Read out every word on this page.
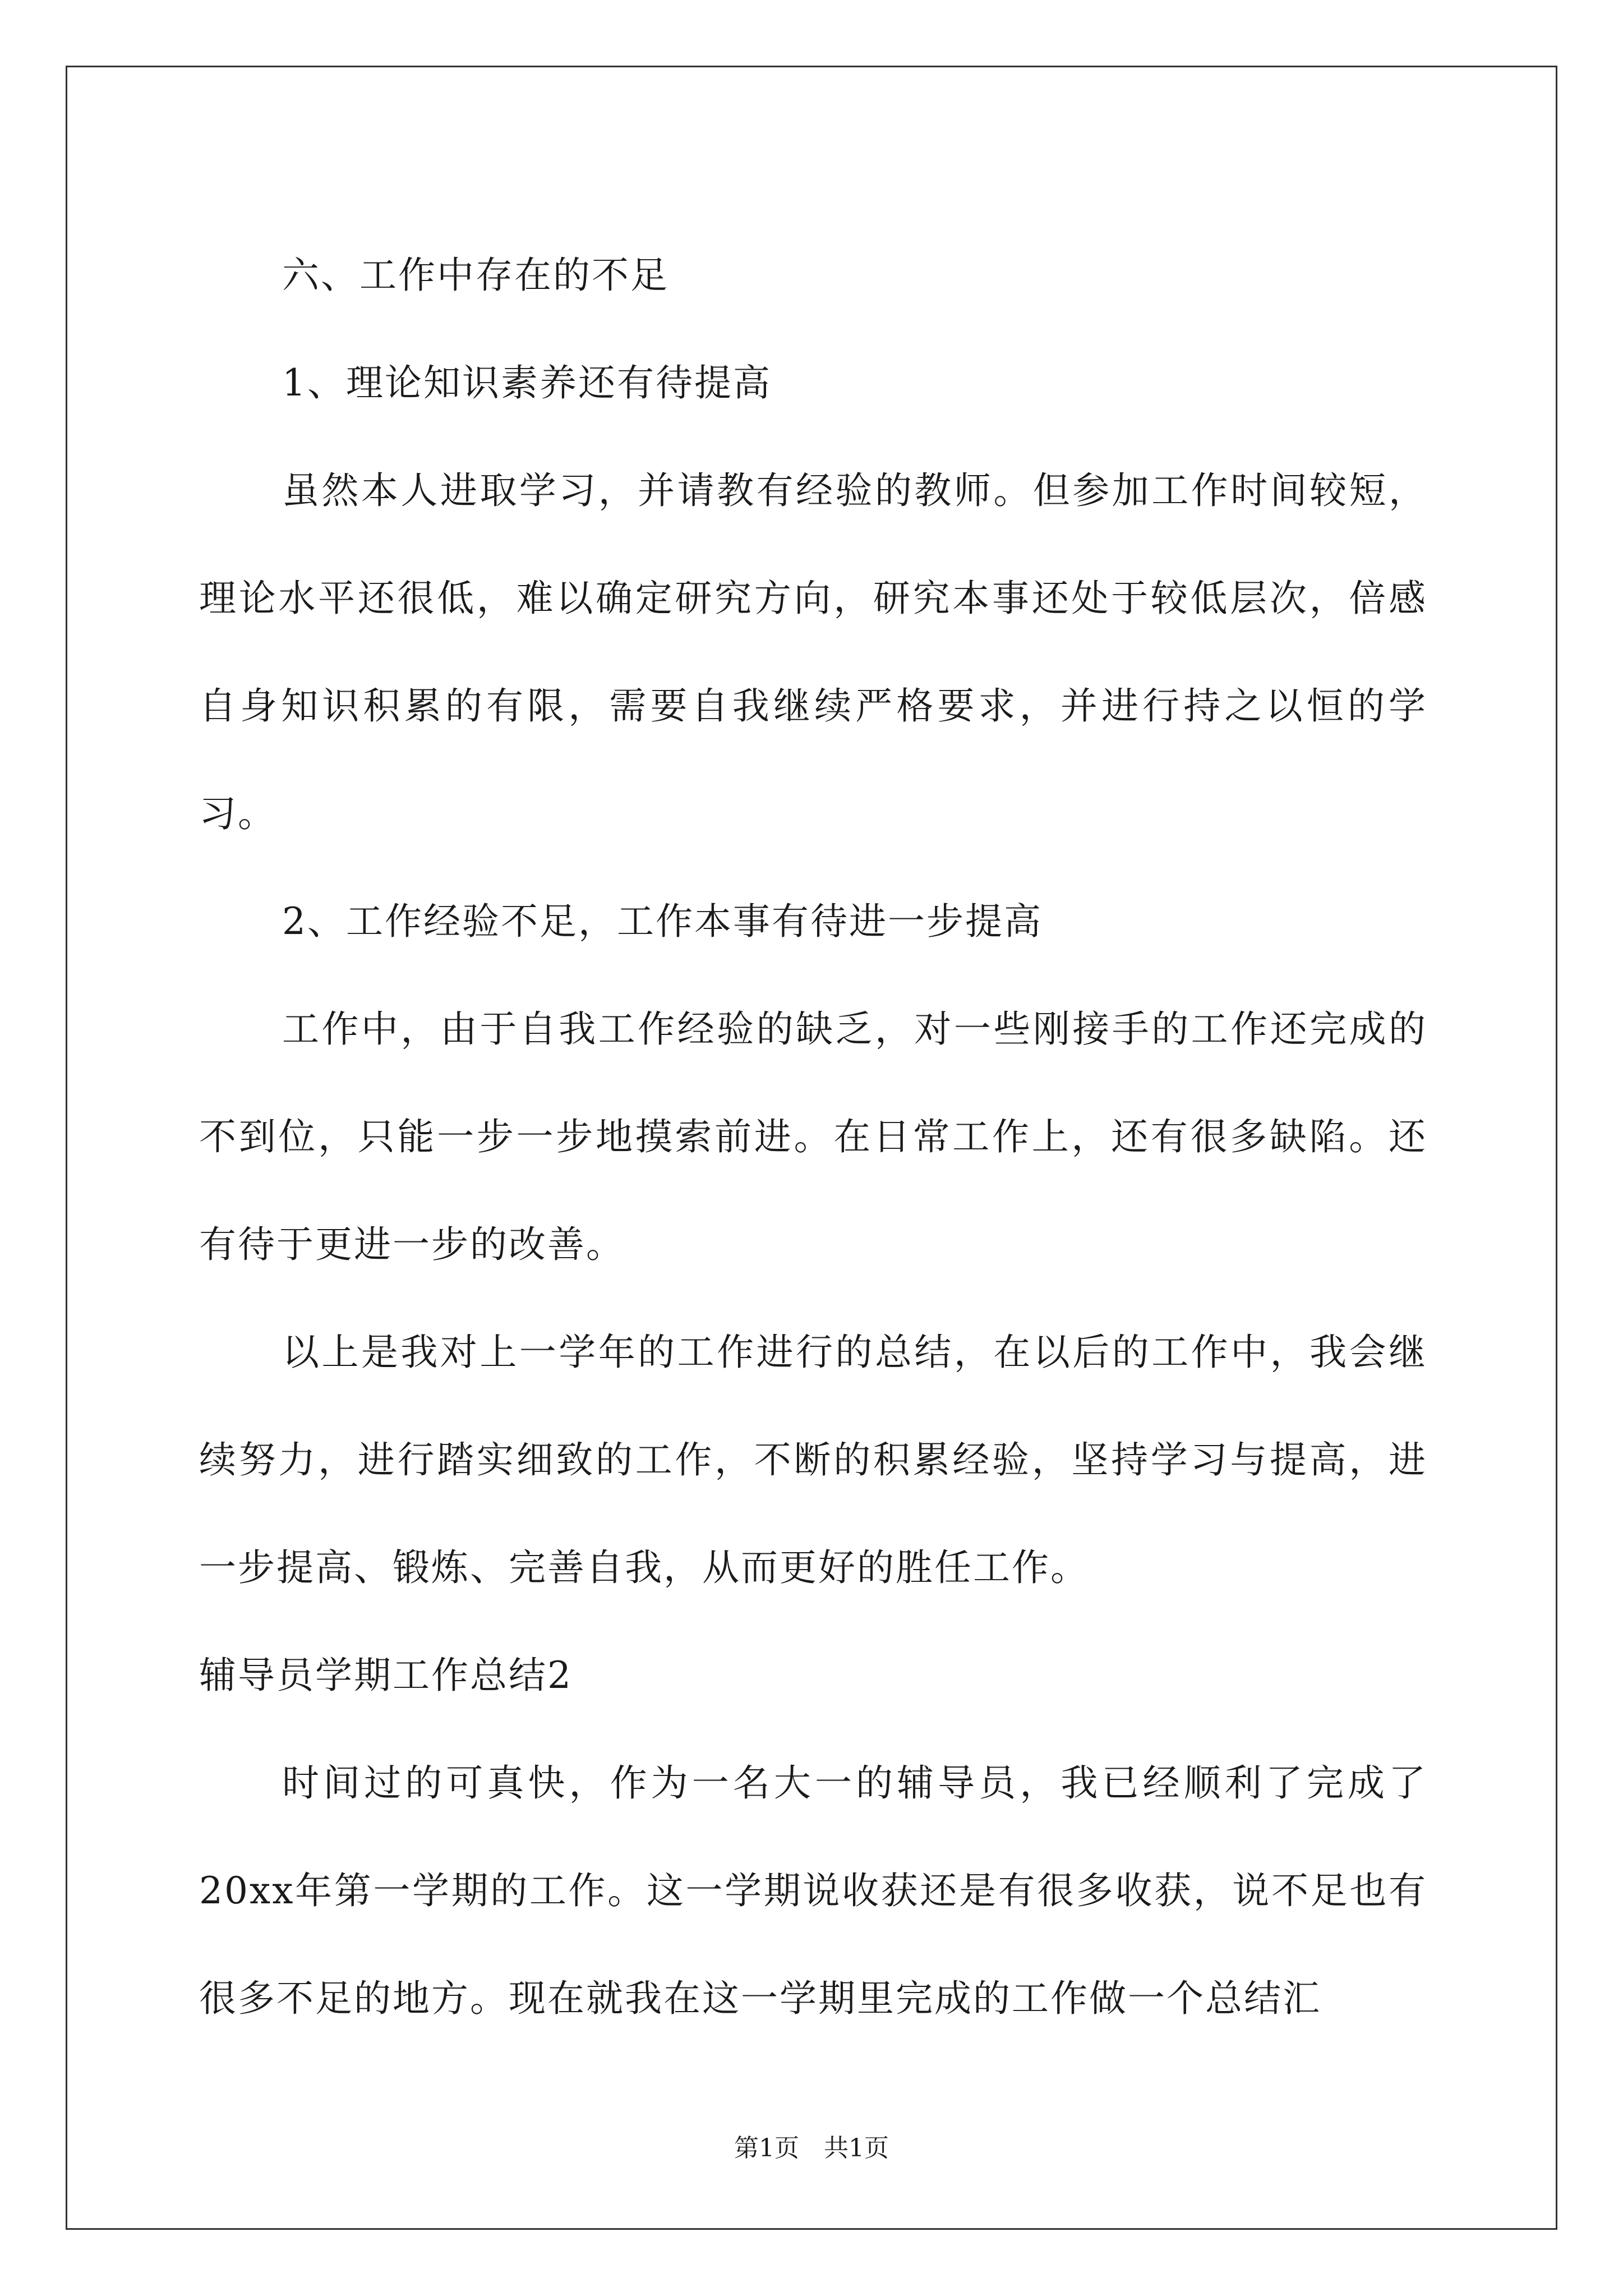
六、工作中存在的不足

1、理论知识素养还有待提高

虽然本人进取学习，并请教有经验的教师。但参加工作时间较短，理论水平还很低，难以确定研究方向，研究本事还处于较低层次，倍感自身知识积累的有限，需要自我继续严格要求，并进行持之以恒的学习。

2、工作经验不足，工作本事有待进一步提高

工作中，由于自我工作经验的缺乏，对一些刚接手的工作还完成的不到位，只能一步一步地摸索前进。在日常工作上，还有很多缺陷。还有待于更进一步的改善。

以上是我对上一学年的工作进行的总结，在以后的工作中，我会继续努力，进行踏实细致的工作，不断的积累经验，坚持学习与提高，进一步提高、锻炼、完善自我，从而更好的胜任工作。

辅导员学期工作总结2

时间过的可真快，作为一名大一的辅导员，我已经顺利了完成了20xx年第一学期的工作。这一学期说收获还是有很多收获，说不足也有很多不足的地方。现在就我在这一学期里完成的工作做一个总结汇

第1页　共1页
